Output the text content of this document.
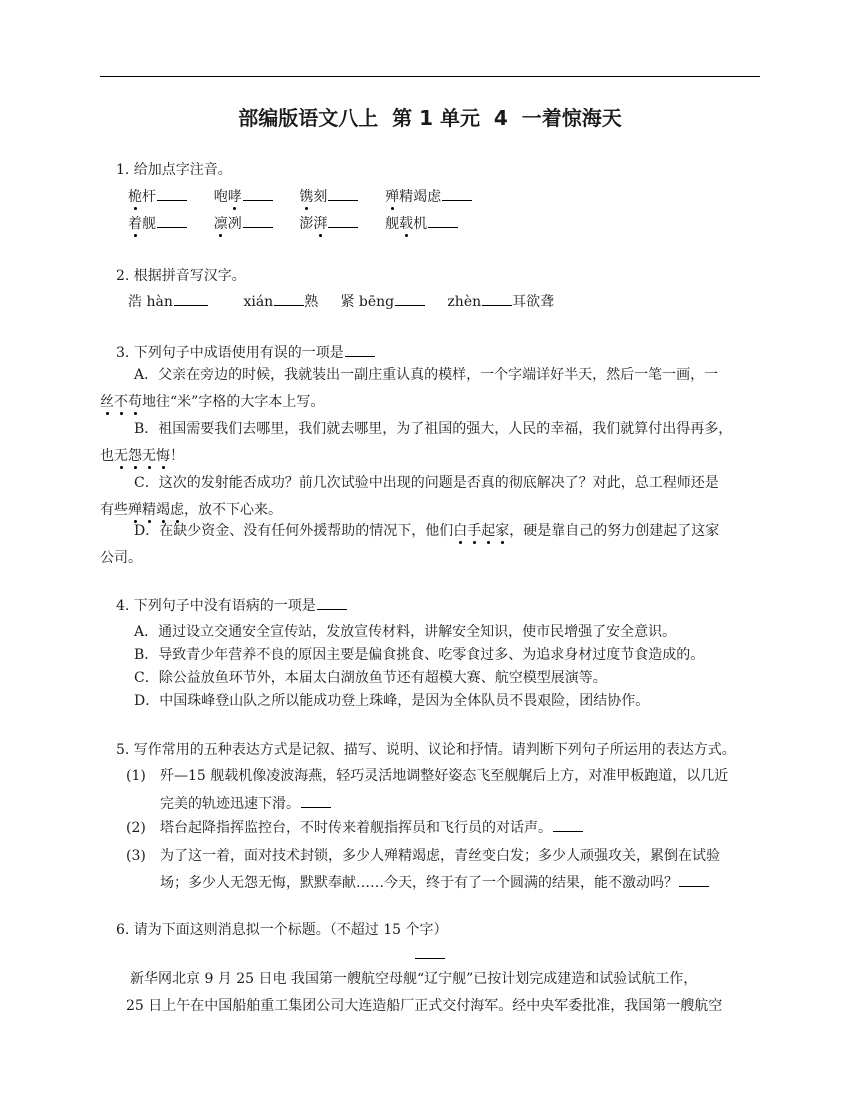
部编版语文八上  第 1 单元  4  一着惊海天
1. 给加点字注音。
桅杆	咆哮	镌刻	殚精竭虑
着舰	凛冽	澎湃	舰载机
2. 根据拼音写汉字。
浩 hàn	xián 熟 紧 bēng	zhèn 耳欲聋
3. 下列句子中成语使用有误的一项是
A．父亲在旁边的时候，我就装出一副庄重认真的模样，一个字端详好半天，然后一笔一画，一
丝不苟地往“米”字格的大字本上写。
B．祖国需要我们去哪里，我们就去哪里，为了祖国的强大，人民的幸福，我们就算付出得再多，
也无怨无悔！
C．这次的发射能否成功？前几次试验中出现的问题是否真的彻底解决了？对此，总工程师还是
有些殚精竭虑，放不下心来。
D．在缺少资金、没有任何外援帮助的情况下，他们白手起家，硬是靠自己的努力创建起了这家
公司。
4. 下列句子中没有语病的一项是
A．通过设立交通安全宣传站，发放宣传材料，讲解安全知识，使市民增强了安全意识。
B．导致青少年营养不良的原因主要是偏食挑食、吃零食过多、为追求身材过度节食造成的。
C．除公益放鱼环节外，本届太白湖放鱼节还有超模大赛、航空模型展演等。
D．中国珠峰登山队之所以能成功登上珠峰，是因为全体队员不畏艰险，团结协作。
5. 写作常用的五种表达方式是记叙、描写、说明、议论和抒情。请判断下列句子所运用的表达方式。
(1) 歼—15 舰载机像凌波海燕，轻巧灵活地调整好姿态飞至舰艉后上方，对准甲板跑道，以几近
完美的轨迹迅速下滑。
(2) 塔台起降指挥监控台，不时传来着舰指挥员和飞行员的对话声。
(3) 为了这一着，面对技术封锁，多少人殚精竭虑，青丝变白发；多少人顽强攻关，累倒在试验
场；多少人无怨无悔，默默奉献……今天，终于有了一个圆满的结果，能不激动吗？
6. 请为下面这则消息拟一个标题。（不超过 15 个字）
新华网北京 9 月 25 日电 我国第一艘航空母舰“辽宁舰”已按计划完成建造和试验试航工作，
25 日上午在中国船舶重工集团公司大连造船厂正式交付海军。经中央军委批准，我国第一艘航空
